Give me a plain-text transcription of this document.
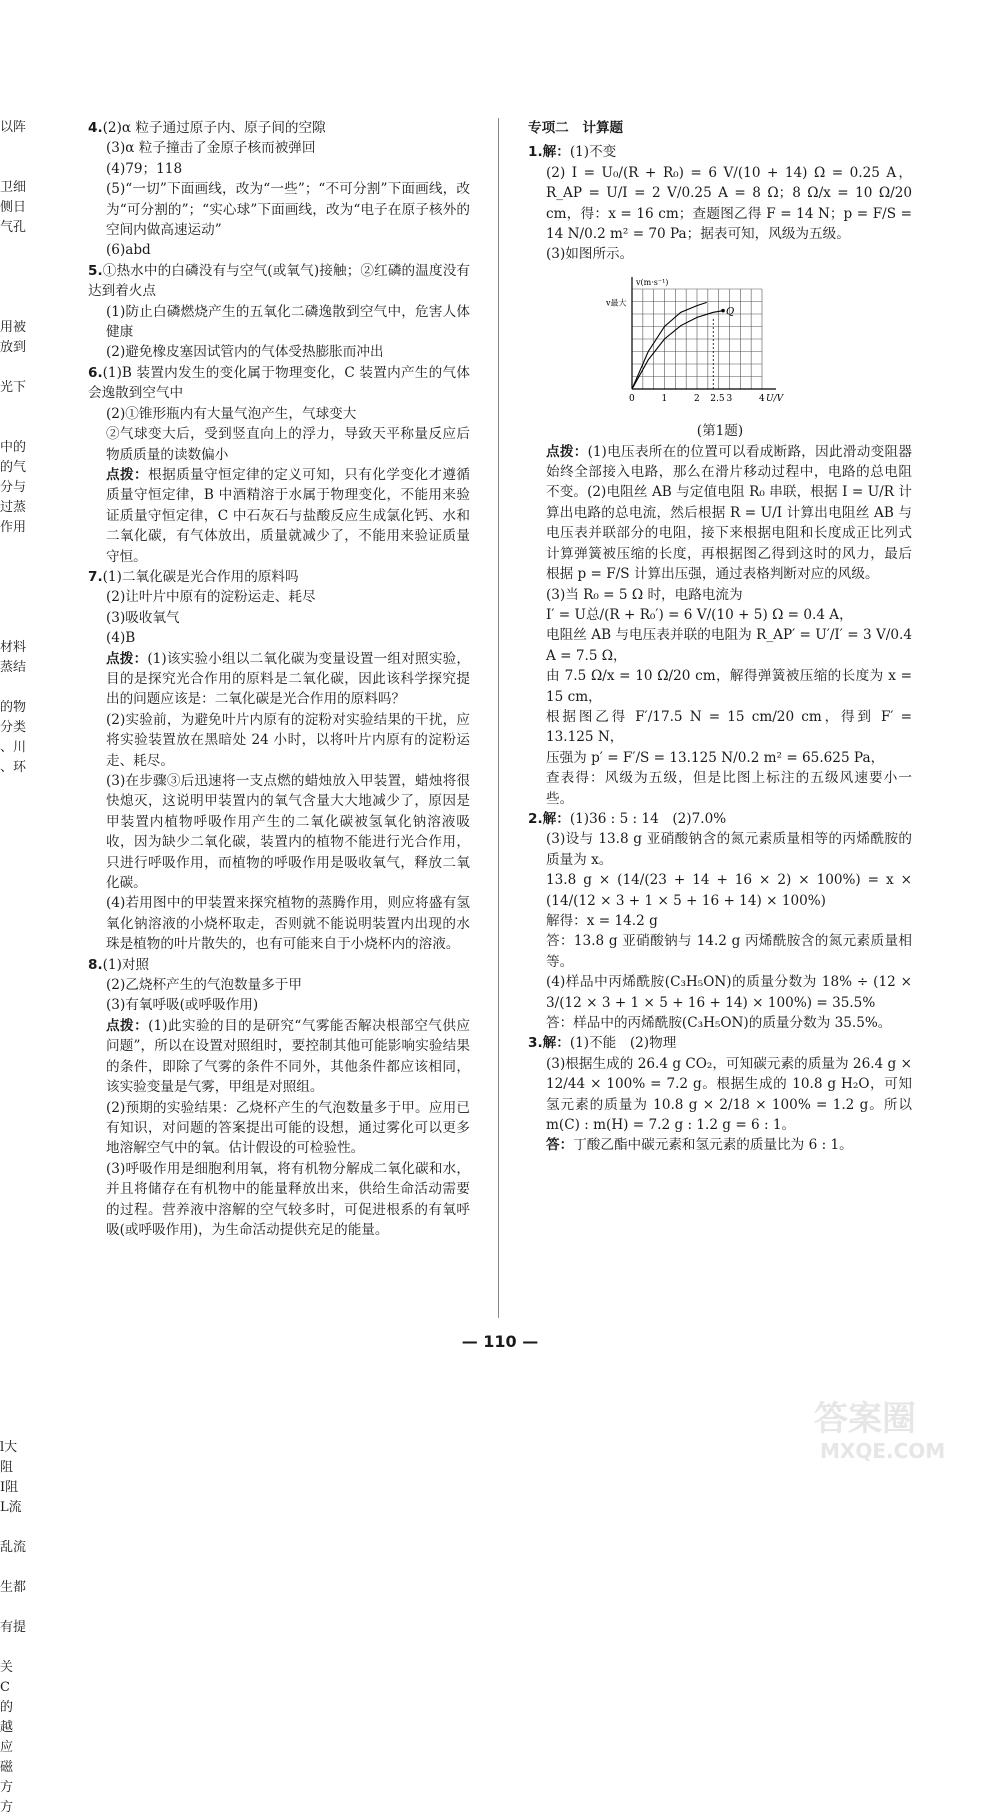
以阵

卫细
侧日
气孔

用被
放到

光下

中的
的气
分与
过蒸
作用

材料
蒸结

的物
分类
、川
、环

l大
阻
I阻
L流

乱流

生都

有提

关
C
的
越
应
磁
方
方

4.(2)α 粒子通过原子内、原子间的空隙

(3)α 粒子撞击了金原子核而被弹回

(4)79；118

(5)“一切”下面画线，改为“一些”；“不可分割”下面画线，改为“可分割的”；“实心球”下面画线，改为“电子在原子核外的空间内做高速运动”

(6)abd

5.①热水中的白磷没有与空气(或氧气)接触；②红磷的温度没有达到着火点

(1)防止白磷燃烧产生的五氧化二磷逸散到空气中，危害人体健康

(2)避免橡皮塞因试管内的气体受热膨胀而冲出

6.(1)B 装置内发生的变化属于物理变化，C 装置内产生的气体会逸散到空气中

(2)①锥形瓶内有大量气泡产生，气球变大

②气球变大后，受到竖直向上的浮力，导致天平称量反应后物质质量的读数偏小

点拨：根据质量守恒定律的定义可知，只有化学变化才遵循质量守恒定律，B 中酒精溶于水属于物理变化，不能用来验证质量守恒定律，C 中石灰石与盐酸反应生成氯化钙、水和二氧化碳，有气体放出，质量就减少了，不能用来验证质量守恒。

7.(1)二氧化碳是光合作用的原料吗

(2)让叶片中原有的淀粉运走、耗尽

(3)吸收氧气

(4)B

点拨：(1)该实验小组以二氧化碳为变量设置一组对照实验，目的是探究光合作用的原料是二氧化碳，因此该科学探究提出的问题应该是：二氧化碳是光合作用的原料吗？

(2)实验前，为避免叶片内原有的淀粉对实验结果的干扰，应将实验装置放在黑暗处 24 小时，以将叶片内原有的淀粉运走、耗尽。

(3)在步骤③后迅速将一支点燃的蜡烛放入甲装置，蜡烛将很快熄灭，这说明甲装置内的氧气含量大大地减少了，原因是甲装置内植物呼吸作用产生的二氧化碳被氢氧化钠溶液吸收，因为缺少二氧化碳，装置内的植物不能进行光合作用，只进行呼吸作用，而植物的呼吸作用是吸收氧气，释放二氧化碳。

(4)若用图中的甲装置来探究植物的蒸腾作用，则应将盛有氢氧化钠溶液的小烧杯取走，否则就不能说明装置内出现的水珠是植物的叶片散失的，也有可能来自于小烧杯内的溶液。

8.(1)对照

(2)乙烧杯产生的气泡数量多于甲

(3)有氧呼吸(或呼吸作用)

点拨：(1)此实验的目的是研究“气雾能否解决根部空气供应问题”，所以在设置对照组时，要控制其他可能影响实验结果的条件，即除了气雾的条件不同外，其他条件都应该相同，该实验变量是气雾，甲组是对照组。

(2)预期的实验结果：乙烧杯产生的气泡数量多于甲。应用已有知识，对问题的答案提出可能的设想，通过雾化可以更多地溶解空气中的氧。估计假设的可检验性。

(3)呼吸作用是细胞利用氧，将有机物分解成二氧化碳和水，并且将储存在有机物中的能量释放出来，供给生命活动需要的过程。营养液中溶解的空气较多时，可促进根系的有氧呼吸(或呼吸作用)，为生命活动提供充足的能量。

专项二　计算题

1.解：(1)不变

(2) I = U₀/(R + R₀) = 6 V/(10 + 14) Ω = 0.25 A，R_AP = U/I = 2 V/0.25 A = 8 Ω；8 Ω/x = 10 Ω/20 cm，得：x = 16 cm；查题图乙得 F = 14 N；p = F/S = 14 N/0.2 m² = 70 Pa；据表可知，风级为五级。

(3)如图所示。

Q
v(m·s⁻¹)
U/V
v最大
0	1	2 2.5 3	4

(第1题)

点拨：(1)电压表所在的位置可以看成断路，因此滑动变阻器始终全部接入电路，那么在滑片移动过程中，电路的总电阻不变。(2)电阻丝 AB 与定值电阻 R₀ 串联，根据 I = U/R 计算出电路的总电流，然后根据 R = U/I 计算出电阻丝 AB 与电压表并联部分的电阻，接下来根据电阻和长度成正比列式计算弹簧被压缩的长度，再根据图乙得到这时的风力，最后根据 p = F/S 计算出压强，通过表格判断对应的风级。

(3)当 R₀ = 5 Ω 时，电路电流为

I′ = U总/(R + R₀′) = 6 V/(10 + 5) Ω = 0.4 A，

电阻丝 AB 与电压表并联的电阻为 R_AP′ = U′/I′ = 3 V/0.4 A = 7.5 Ω，

由 7.5 Ω/x = 10 Ω/20 cm，解得弹簧被压缩的长度为 x = 15 cm，

根据图乙得 F′/17.5 N = 15 cm/20 cm，得到 F′ = 13.125 N，

压强为 p′ = F′/S = 13.125 N/0.2 m² = 65.625 Pa，

查表得：风级为五级，但是比图上标注的五级风速要小一些。

2.解：(1)36 : 5 : 14　(2)7.0%

(3)设与 13.8 g 亚硝酸钠含的氮元素质量相等的丙烯酰胺的质量为 x。

13.8 g × (14/(23 + 14 + 16 × 2) × 100%) = x × (14/(12 × 3 + 1 × 5 + 16 + 14) × 100%)

解得：x = 14.2 g

答：13.8 g 亚硝酸钠与 14.2 g 丙烯酰胺含的氮元素质量相等。

(4)样品中丙烯酰胺(C₃H₅ON)的质量分数为 18% ÷ (12 × 3/(12 × 3 + 1 × 5 + 16 + 14) × 100%) = 35.5%

答：样品中的丙烯酰胺(C₃H₅ON)的质量分数为 35.5%。

3.解：(1)不能　(2)物理

(3)根据生成的 26.4 g CO₂，可知碳元素的质量为 26.4 g × 12/44 × 100% = 7.2 g。根据生成的 10.8 g H₂O，可知氢元素的质量为 10.8 g × 2/18 × 100% = 1.2 g。所以 m(C) : m(H) = 7.2 g : 1.2 g = 6 : 1。

答：丁酸乙酯中碳元素和氢元素的质量比为 6 : 1。

— 110 —
答案圈
MXQE.COM
